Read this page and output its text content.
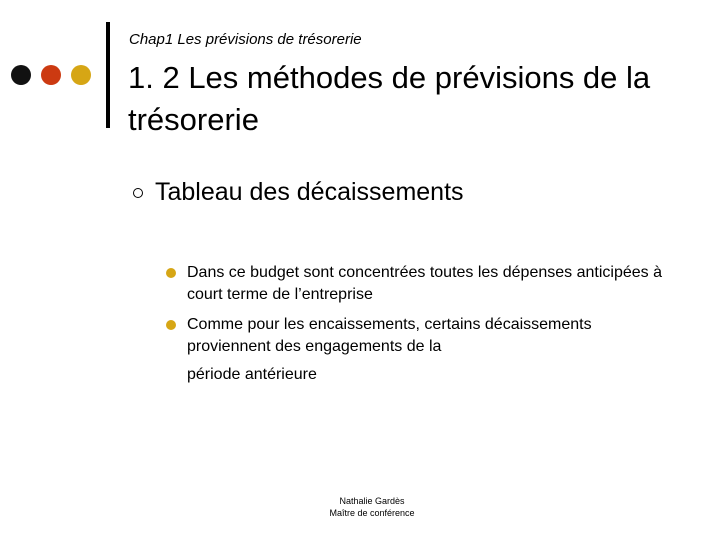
Chap1 Les prévisions de trésorerie
1. 2 Les méthodes de prévisions de la trésorerie
Tableau des décaissements
Dans ce budget sont concentrées toutes les dépenses anticipées à court terme de l’entreprise
Comme pour les encaissements, certains décaissements proviennent des engagements de la
période antérieure
Nathalie Gardès
Maître de conférence
